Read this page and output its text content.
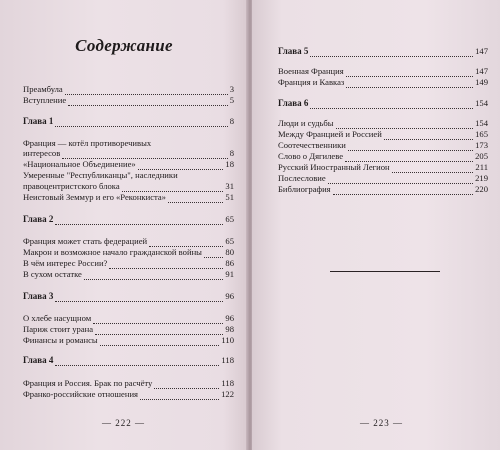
Содержание
Преамбула	3
Вступление	5
Глава 1	8
Франция — котёл противоречивых
интересов	8
«Национальное Объединение»	18
Умеренные "Республиканцы", наследники
правоцентристского блока	31
Неистовый Земмур и его «Реконкиста»	51
Глава 2	65
Франция может стать федерацией	65
Макрон и возможное начало гражданской войны	80
В чём интерес России?	86
В сухом остатке	91
Глава 3	96
О хлебе насущном	96
Париж стоит урана	98
Финансы и романсы	110
Глава 4	118
Франция и Россия. Брак по расчёту	118
Франко-российские отношения	122
— 222 —
Глава 5	147
Военная Франция	147
Франция и Кавказ	149
Глава 6	154
Люди и судьбы	154
Между Францией и Россией	165
Соотечественники	173
Слово о Дягилеве	205
Русский Иностранный Легион	211
Послесловие	219
Библиография	220
— 223 —
